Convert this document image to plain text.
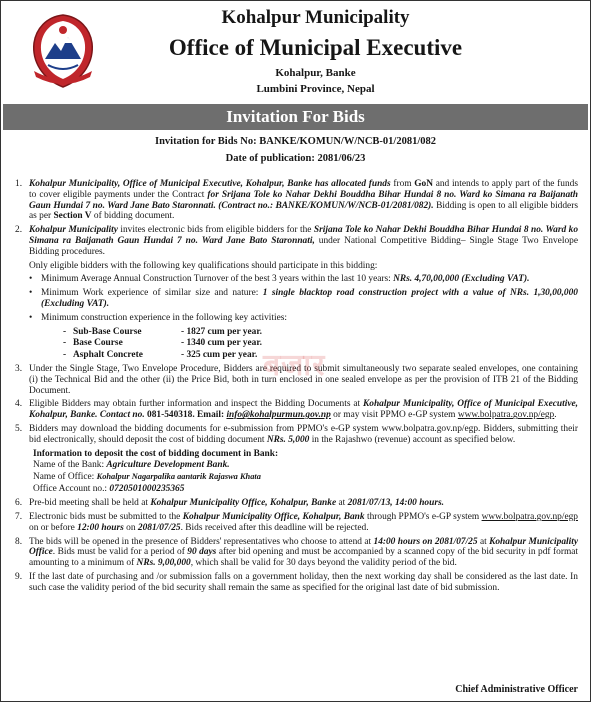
Kohalpur Municipality
Office of Municipal Executive
Kohalpur, Banke
Lumbini Province, Nepal
Invitation For Bids
Invitation for Bids No: BANKE/KOMUN/W/NCB-01/2081/082
Date of publication: 2081/06/23
1. Kohalpur Municipality, Office of Municipal Executive, Kohalpur, Banke has allocated funds from GoN and intends to apply part of the funds to cover eligible payments under the Contract for Srijana Tole ko Nahar Dekhi Bouddha Bihar Hundai 8 no. Ward ko Simana ra Baijanath Gaun Hundai 7 no. Ward Jane Bato Staronnati. (Contract no.: BANKE/KOMUN/W/NCB-01/2081/082). Bidding is open to all eligible bidders as per Section V of bidding document.
2. Kohalpur Municipality invites electronic bids from eligible bidders for the Srijana Tole ko Nahar Dekhi Bouddha Bihar Hundai 8 no. Ward ko Simana ra Baijanath Gaun Hundai 7 no. Ward Jane Bato Staronnati, under National Competitive Bidding– Single Stage Two Envelope Bidding procedures.
Only eligible bidders with the following key qualifications should participate in this bidding:
• Minimum Average Annual Construction Turnover of the best 3 years within the last 10 years: NRs. 4,70,00,000 (Excluding VAT).
• Minimum Work experience of similar size and nature: 1 single blacktop road construction project with a value of NRs. 1,30,00,000 (Excluding VAT).
• Minimum construction experience in the following key activities:
- Sub-Base Course	- 1827 cum per year.
- Base Course	- 1340 cum per year.
- Asphalt Concrete	- 325 cum per year.
3. Under the Single Stage, Two Envelope Procedure, Bidders are required to submit simultaneously two separate sealed envelopes, one containing (i) the Technical Bid and the other (ii) the Price Bid, both in turn enclosed in one sealed envelope as per the provision of ITB 21 of the Bidding Document.
4. Eligible Bidders may obtain further information and inspect the Bidding Documents at Kohalpur Municipality, Office of Municipal Executive, Kohalpur, Banke. Contact no. 081-540318. Email: info@kohalpurmun.gov.np or may visit PPMO e-GP system www.bolpatra.gov.np/egp.
5. Bidders may download the bidding documents for e-submission from PPMO's e-GP system www.bolpatra.gov.np/egp. Bidders, submitting their bid electronically, should deposit the cost of bidding document NRs. 5,000 in the Rajashwo (revenue) account as specified below.
Information to deposit the cost of bidding document in Bank:
Name of the Bank: Agriculture Development Bank.
Name of Office: Kohalpur Nagarpalika aantarik Rajaswa Khata
Office Account no.: 0720501000235365
6. Pre-bid meeting shall be held at Kohalpur Municipality Office, Kohalpur, Banke at 2081/07/13, 14:00 hours.
7. Electronic bids must be submitted to the Kohalpur Municipality Office, Kohalpur, Bank through PPMO's e-GP system www.bolpatra.gov.np/egp on or before 12:00 hours on 2081/07/25. Bids received after this deadline will be rejected.
8. The bids will be opened in the presence of Bidders' representatives who choose to attend at 14:00 hours on 2081/07/25 at Kohalpur Municipality Office. Bids must be valid for a period of 90 days after bid opening and must be accompanied by a scanned copy of the bid security in pdf format amounting to a minimum of NRs. 9,00,000, which shall be valid for 30 days beyond the validity period of the bid.
9. If the last date of purchasing and /or submission falls on a government holiday, then the next working day shall be considered as the last date. In such case the validity period of the bid security shall remain the same as specified for the original last date of bid submission.
बजार
Chief Administrative Officer
